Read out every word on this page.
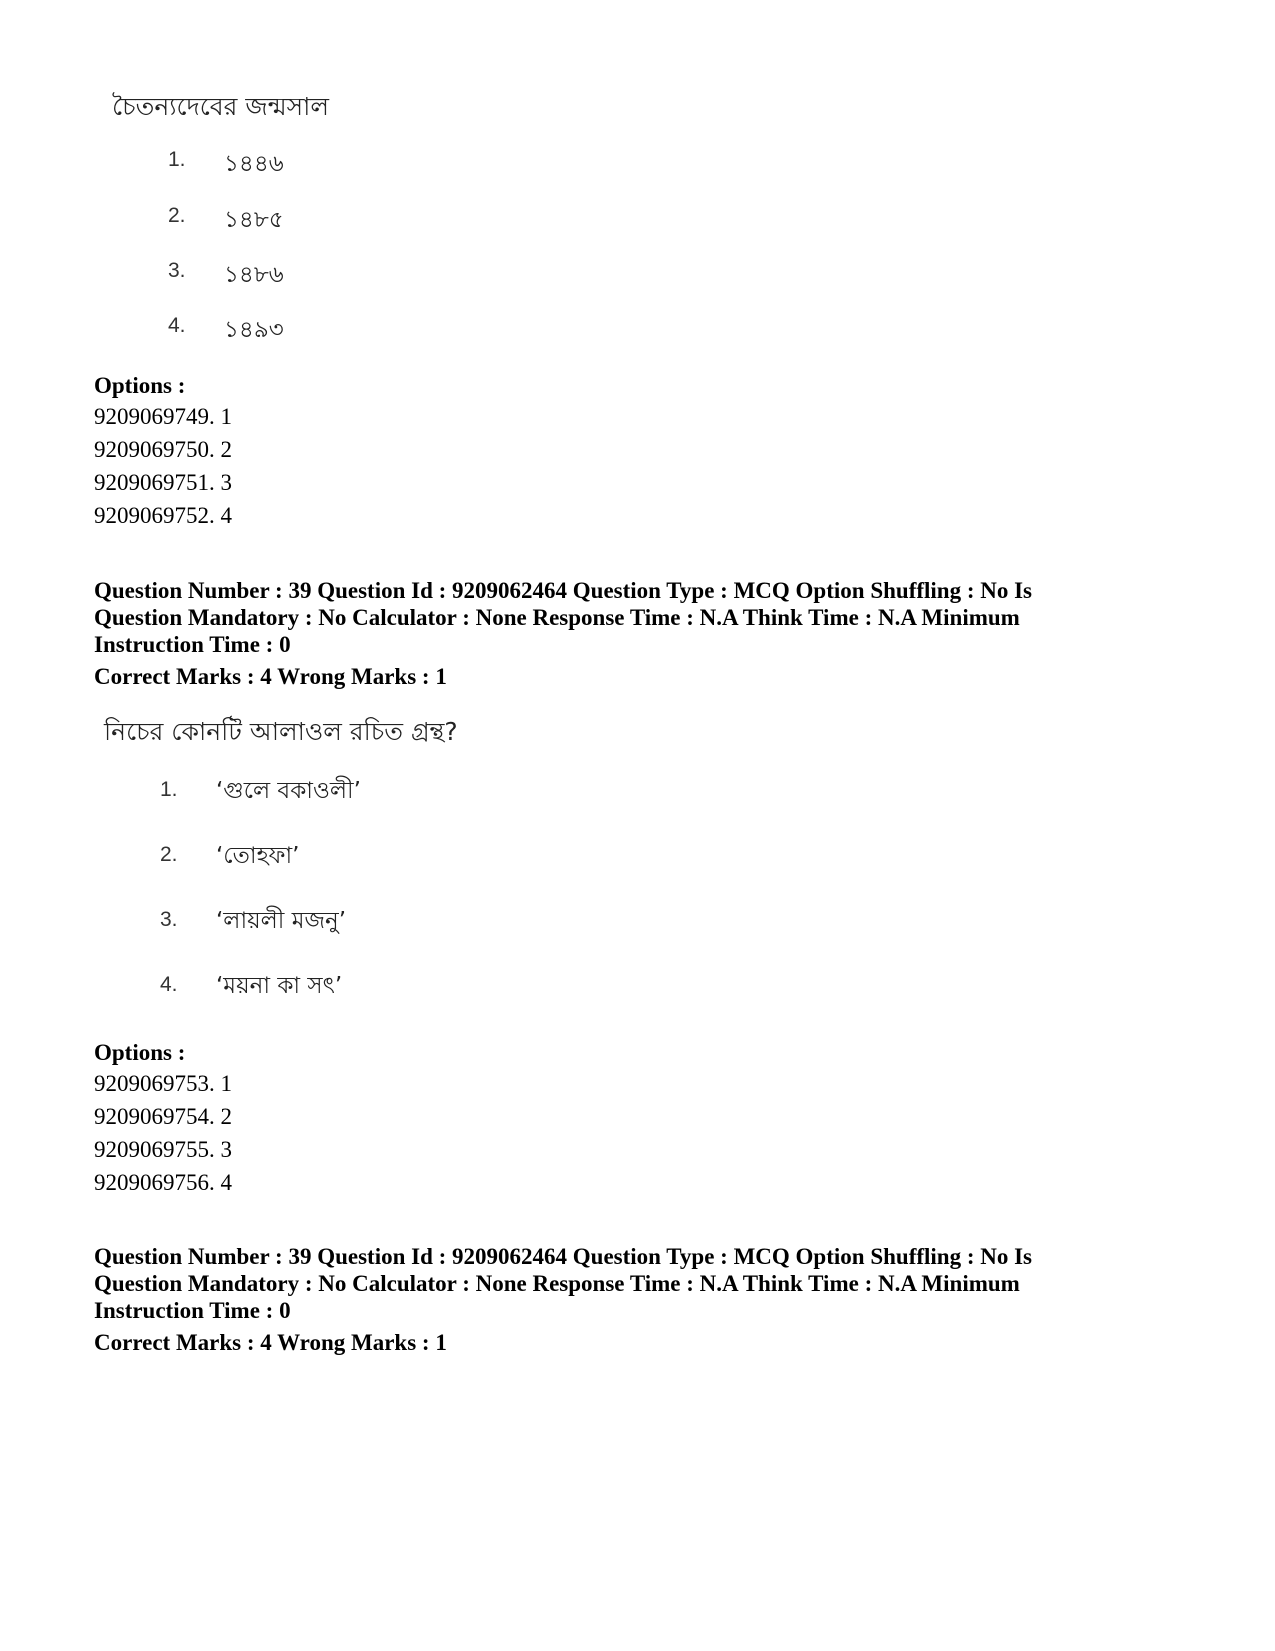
চৈতন্যদেবের জন্মসাল
1. ১৪৪৬
2. ১৪৮৫
3. ১৪৮৬
4. ১৪৯৩
Options :
9209069749. 1
9209069750. 2
9209069751. 3
9209069752. 4
Question Number : 39 Question Id : 9209062464 Question Type : MCQ Option Shuffling : No Is
Question Mandatory : No Calculator : None Response Time : N.A Think Time : N.A Minimum
Instruction Time : 0
Correct Marks : 4 Wrong Marks : 1
নিচের কোনটি আলাওল রচিত গ্রন্থ?
1. ‘গুলে বকাওলী’
2. ‘তোহফা’
3. ‘লায়লী মজনু’
4. ‘ময়না কা সৎ’
Options :
9209069753. 1
9209069754. 2
9209069755. 3
9209069756. 4
Question Number : 39 Question Id : 9209062464 Question Type : MCQ Option Shuffling : No Is
Question Mandatory : No Calculator : None Response Time : N.A Think Time : N.A Minimum
Instruction Time : 0
Correct Marks : 4 Wrong Marks : 1
